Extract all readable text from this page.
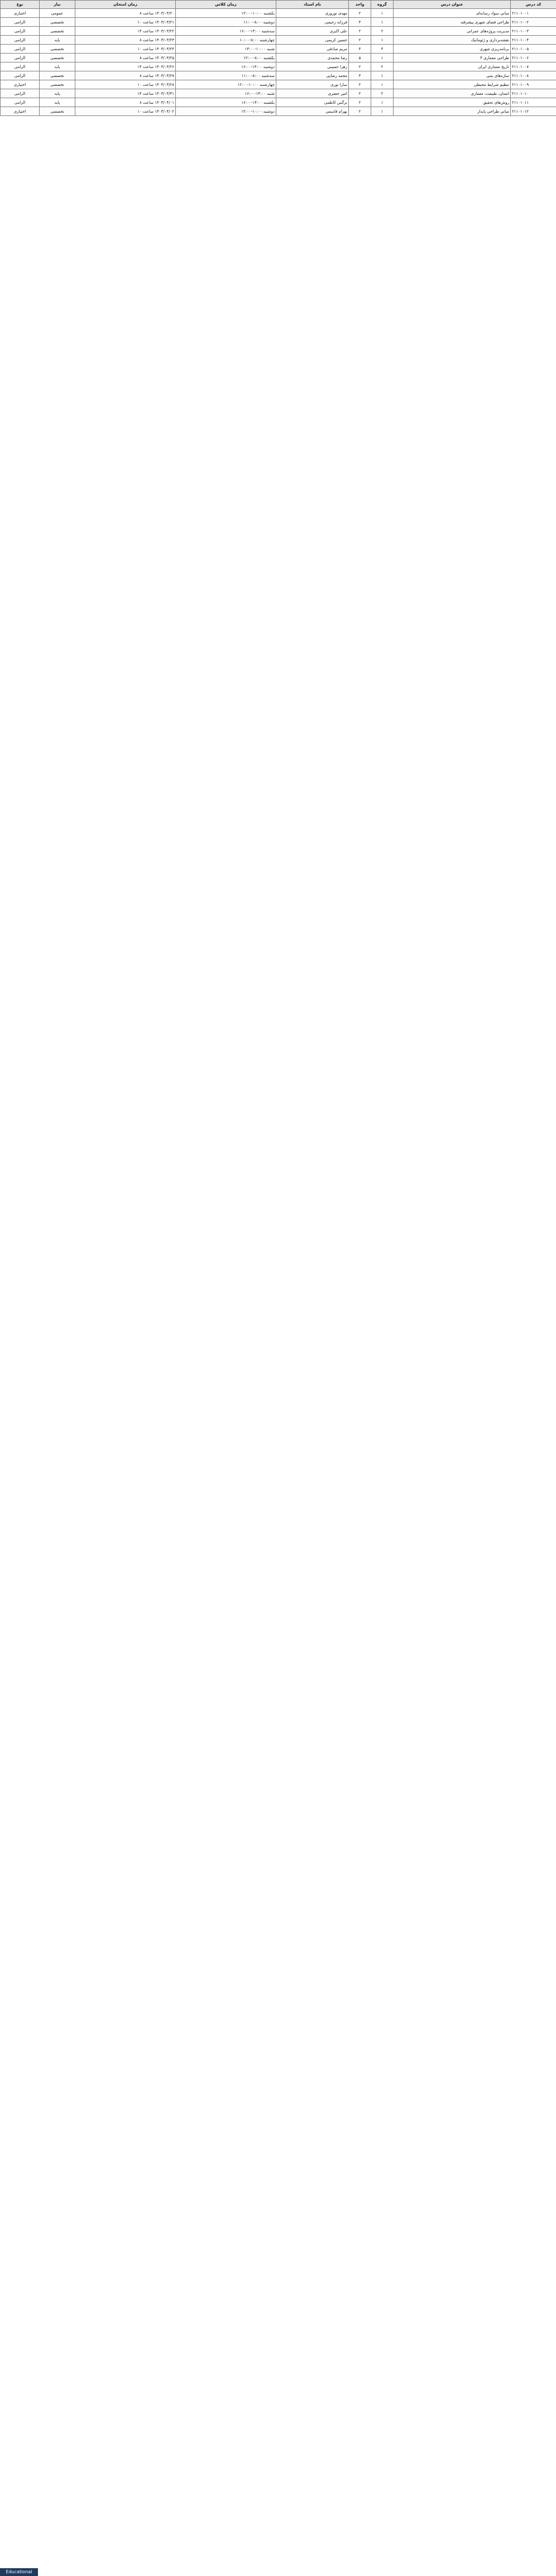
کد درس	عنوان درس	گروه	واحد	نام استاد	زمان کلاس	زمان امتحان	نیاز	نوع
۲۱۱۰۱۰۰۱	مبانی سواد رسانه‌ای	۱	۲	مهدی نوروزی	یکشنبه ۱۰:۰۰-۱۲:۰۰	۱۴۰۳/۰۳/۲۰ ساعت ۸	عمومی	اختیاری
۲۱۱۰۱۰۰۲	طراحی فضای شهری پیشرفته	۱	۳	فرزانه رحیمی	دوشنبه ۸:۰۰-۱۱:۰۰	۱۴۰۳/۰۳/۲۱ ساعت ۱۰	تخصصی	الزامی
۲۱۱۰۱۰۰۳	مدیریت پروژه‌های عمرانی	۲	۲	علی اکبری	سه‌شنبه ۱۴:۰۰-۱۶:۰۰	۱۴۰۳/۰۳/۲۲ ساعت ۱۴	تخصصی	الزامی
۲۱۱۰۱۰۰۴	نقشه‌برداری و ژئوماتیک	۱	۲	حسین کریمی	چهارشنبه ۸:۰۰-۱۰:۰۰	۱۴۰۳/۰۳/۲۳ ساعت ۸	پایه	الزامی
۲۱۱۰۱۰۰۵	برنامه‌ریزی شهری	۳	۳	مریم صادقی	شنبه ۱۰:۰۰-۱۳:۰۰	۱۴۰۳/۰۳/۲۴ ساعت ۱۰	تخصصی	الزامی
۲۱۱۰۱۰۰۶	طراحی معماری ۴	۱	۵	رضا محمدی	یکشنبه ۸:۰۰-۱۲:۰۰	۱۴۰۳/۰۳/۲۵ ساعت ۸	تخصصی	الزامی
۲۱۱۰۱۰۰۷	تاریخ معماری ایران	۲	۲	زهرا حسینی	دوشنبه ۱۴:۰۰-۱۶:۰۰	۱۴۰۳/۰۳/۲۶ ساعت ۱۴	پایه	الزامی
۲۱۱۰۱۰۰۸	سازه‌های بتنی	۱	۳	محمد رضایی	سه‌شنبه ۸:۰۰-۱۱:۰۰	۱۴۰۳/۰۳/۲۷ ساعت ۸	تخصصی	الزامی
۲۱۱۰۱۰۰۹	تنظیم شرایط محیطی	۱	۲	سارا نوری	چهارشنبه ۱۰:۰۰-۱۲:۰۰	۱۴۰۳/۰۳/۲۸ ساعت ۱۰	تخصصی	اختیاری
۲۱۱۰۱۰۱۰	انسان، طبیعت، معماری	۲	۲	امیر جعفری	شنبه ۱۴:۰۰-۱۶:۰۰	۱۴۰۳/۰۳/۳۱ ساعت ۱۴	پایه	الزامی
۲۱۱۰۱۰۱۱	روش‌های تحقیق	۱	۲	نرگس کاظمی	یکشنبه ۱۴:۰۰-۱۶:۰۰	۱۴۰۳/۰۴/۰۱ ساعت ۸	پایه	الزامی
۲۱۱۰۱۰۱۲	مبانی طراحی پایدار	۱	۲	بهرام قاسمی	دوشنبه ۱۰:۰۰-۱۲:۰۰	۱۴۰۳/۰۴/۰۲ ساعت ۱۰	تخصصی	اختیاری
Educational
